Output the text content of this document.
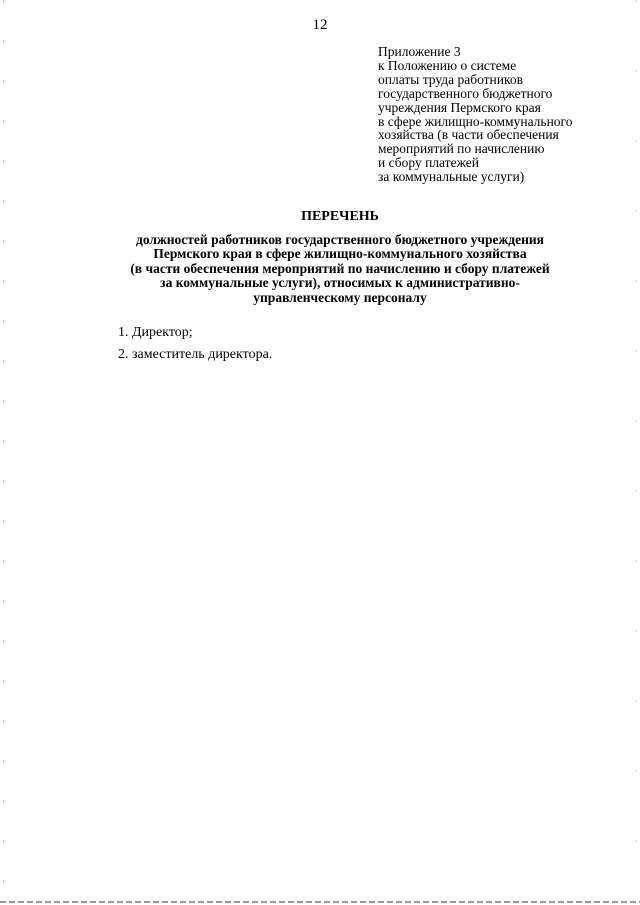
12
Приложение 3
к Положению о системе
оплаты труда работников
государственного бюджетного
учреждения Пермского края
в сфере жилищно-коммунального
хозяйства (в части обеспечения
мероприятий по начислению
и сбору платежей
за коммунальные услуги)
ПЕРЕЧЕНЬ
должностей работников государственного бюджетного учреждения
Пермского края в сфере жилищно-коммунального хозяйства
(в части обеспечения мероприятий по начислению и сбору платежей
за коммунальные услуги), относимых к административно-
управленческому персоналу
1. Директор;
2. заместитель директора.
